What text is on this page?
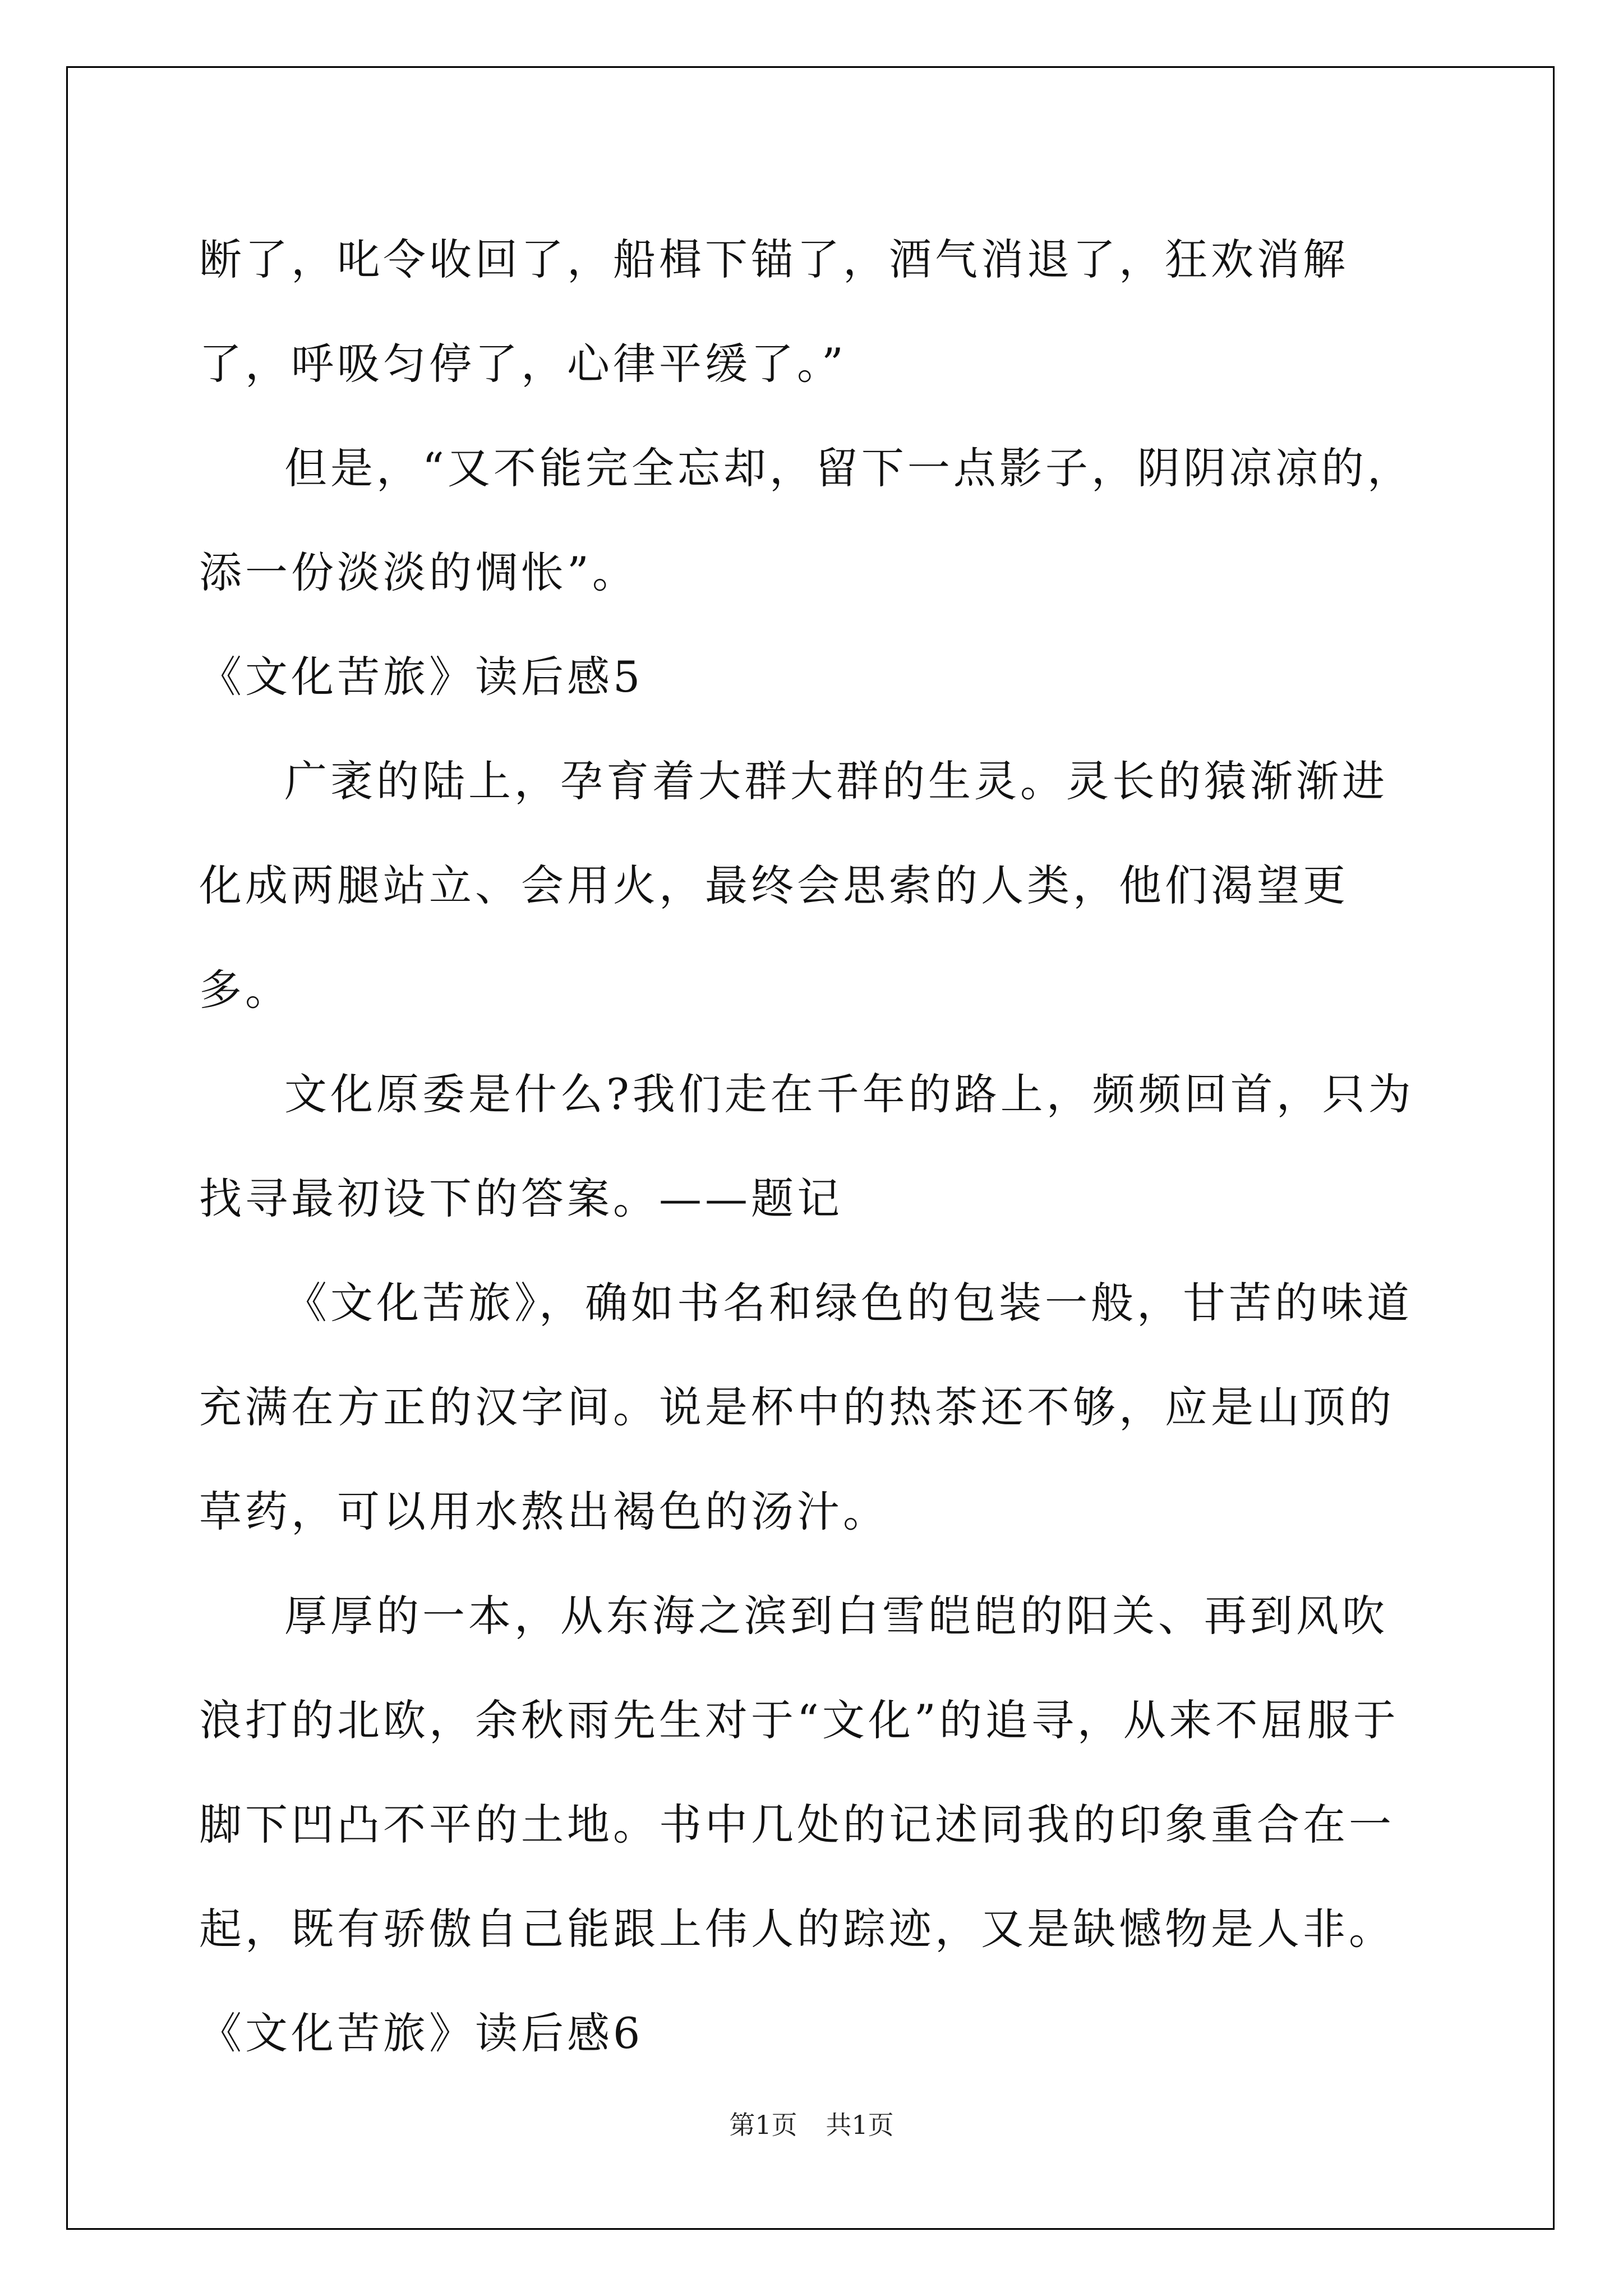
断了，叱令收回了，船楫下锚了，酒气消退了，狂欢消解了，呼吸匀停了，心律平缓了。”

但是，“又不能完全忘却，留下一点影子，阴阴凉凉的，添一份淡淡的惆怅”。

《文化苦旅》读后感5

广袤的陆上，孕育着大群大群的生灵。灵长的猿渐渐进化成两腿站立、会用火，最终会思索的人类，他们渴望更多。

文化原委是什么?我们走在千年的路上，频频回首，只为找寻最初设下的答案。——题记

《文化苦旅》，确如书名和绿色的包装一般，甘苦的味道充满在方正的汉字间。说是杯中的热茶还不够，应是山顶的草药，可以用水熬出褐色的汤汁。

厚厚的一本，从东海之滨到白雪皑皑的阳关、再到风吹浪打的北欧，余秋雨先生对于“文化”的追寻，从来不屈服于脚下凹凸不平的土地。书中几处的记述同我的印象重合在一起，既有骄傲自己能跟上伟人的踪迹，又是缺憾物是人非。

《文化苦旅》读后感6

第1页 共1页
